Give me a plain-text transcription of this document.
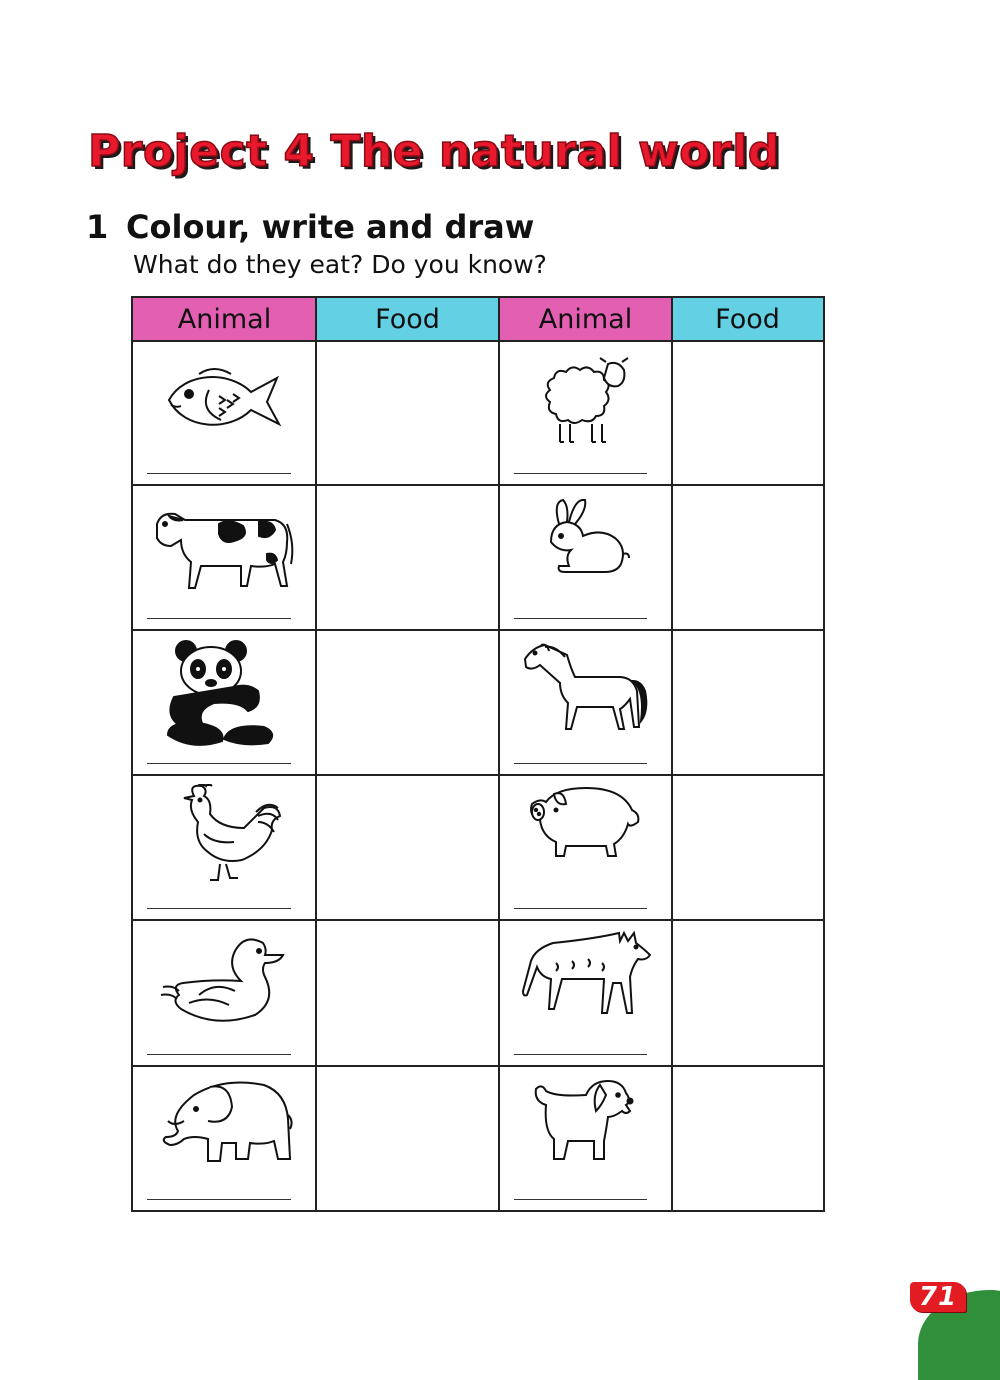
Project 4 The natural world
1 Colour, write and draw

What do they eat? Do you know?

Animal	Food	Animal	Food
71
